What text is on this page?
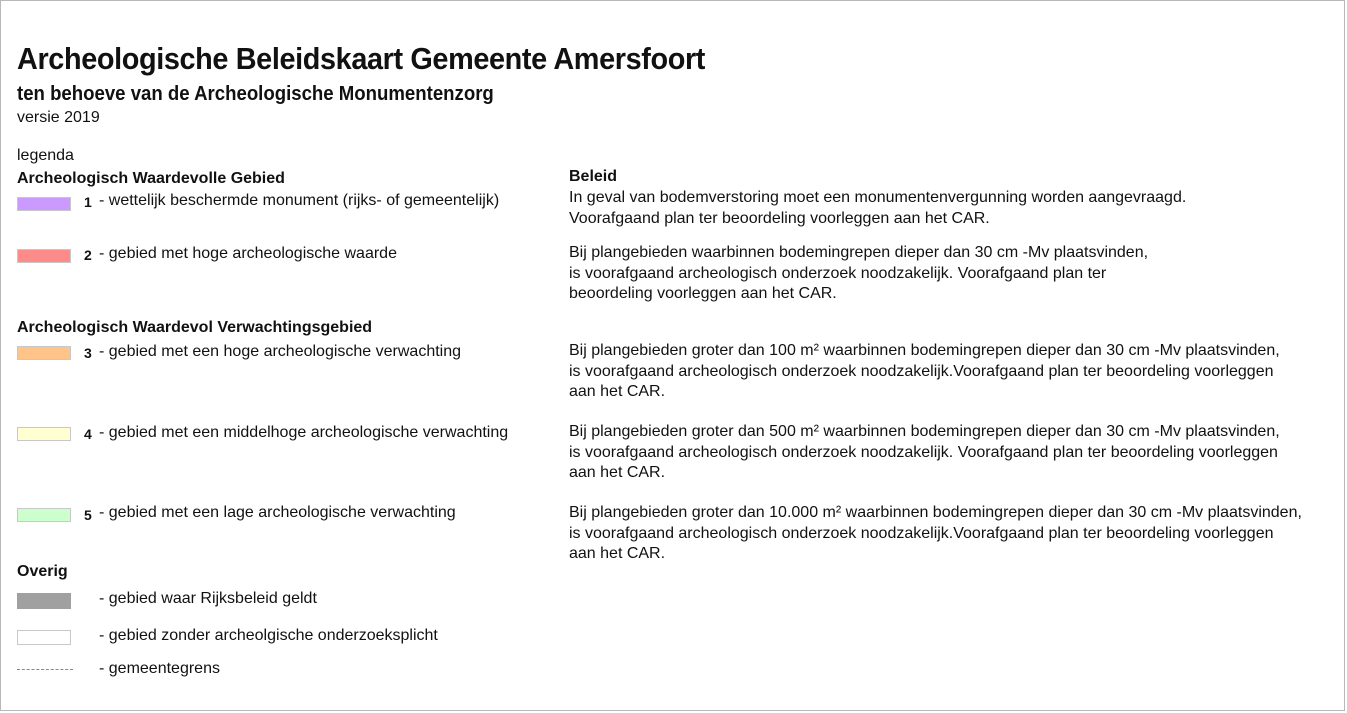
Archeologische Beleidskaart Gemeente Amersfoort
ten behoeve van de Archeologische Monumentenzorg
versie 2019
legenda
Archeologisch Waardevolle Gebied	Beleid
1 - wettelijk beschermde monument (rijks- of gemeentelijk)	In geval van bodemverstoring moet een monumentenvergunning worden aangevraagd.
Voorafgaand plan ter beoordeling voorleggen aan het CAR.
2 - gebied met hoge archeologische waarde	Bij plangebieden waarbinnen bodemingrepen dieper dan 30 cm -Mv plaatsvinden,
is voorafgaand archeologisch onderzoek noodzakelijk. Voorafgaand plan ter
beoordeling voorleggen aan het CAR.
Archeologisch Waardevol Verwachtingsgebied
3 - gebied met een hoge archeologische verwachting	Bij plangebieden groter dan 100 m² waarbinnen bodemingrepen dieper dan 30 cm -Mv plaatsvinden,
is voorafgaand archeologisch onderzoek noodzakelijk.Voorafgaand plan ter beoordeling voorleggen
aan het CAR.
4 - gebied met een middelhoge archeologische verwachting	Bij plangebieden groter dan 500 m² waarbinnen bodemingrepen dieper dan 30 cm -Mv plaatsvinden,
is voorafgaand archeologisch onderzoek noodzakelijk. Voorafgaand plan ter beoordeling voorleggen
aan het CAR.
5 - gebied met een lage archeologische verwachting	Bij plangebieden groter dan 10.000 m² waarbinnen bodemingrepen dieper dan 30 cm -Mv plaatsvinden,
is voorafgaand archeologisch onderzoek noodzakelijk.Voorafgaand plan ter beoordeling voorleggen
aan het CAR.
Overig
- gebied waar Rijksbeleid geldt
- gebied zonder archeolgische onderzoeksplicht
- gemeentegrens
